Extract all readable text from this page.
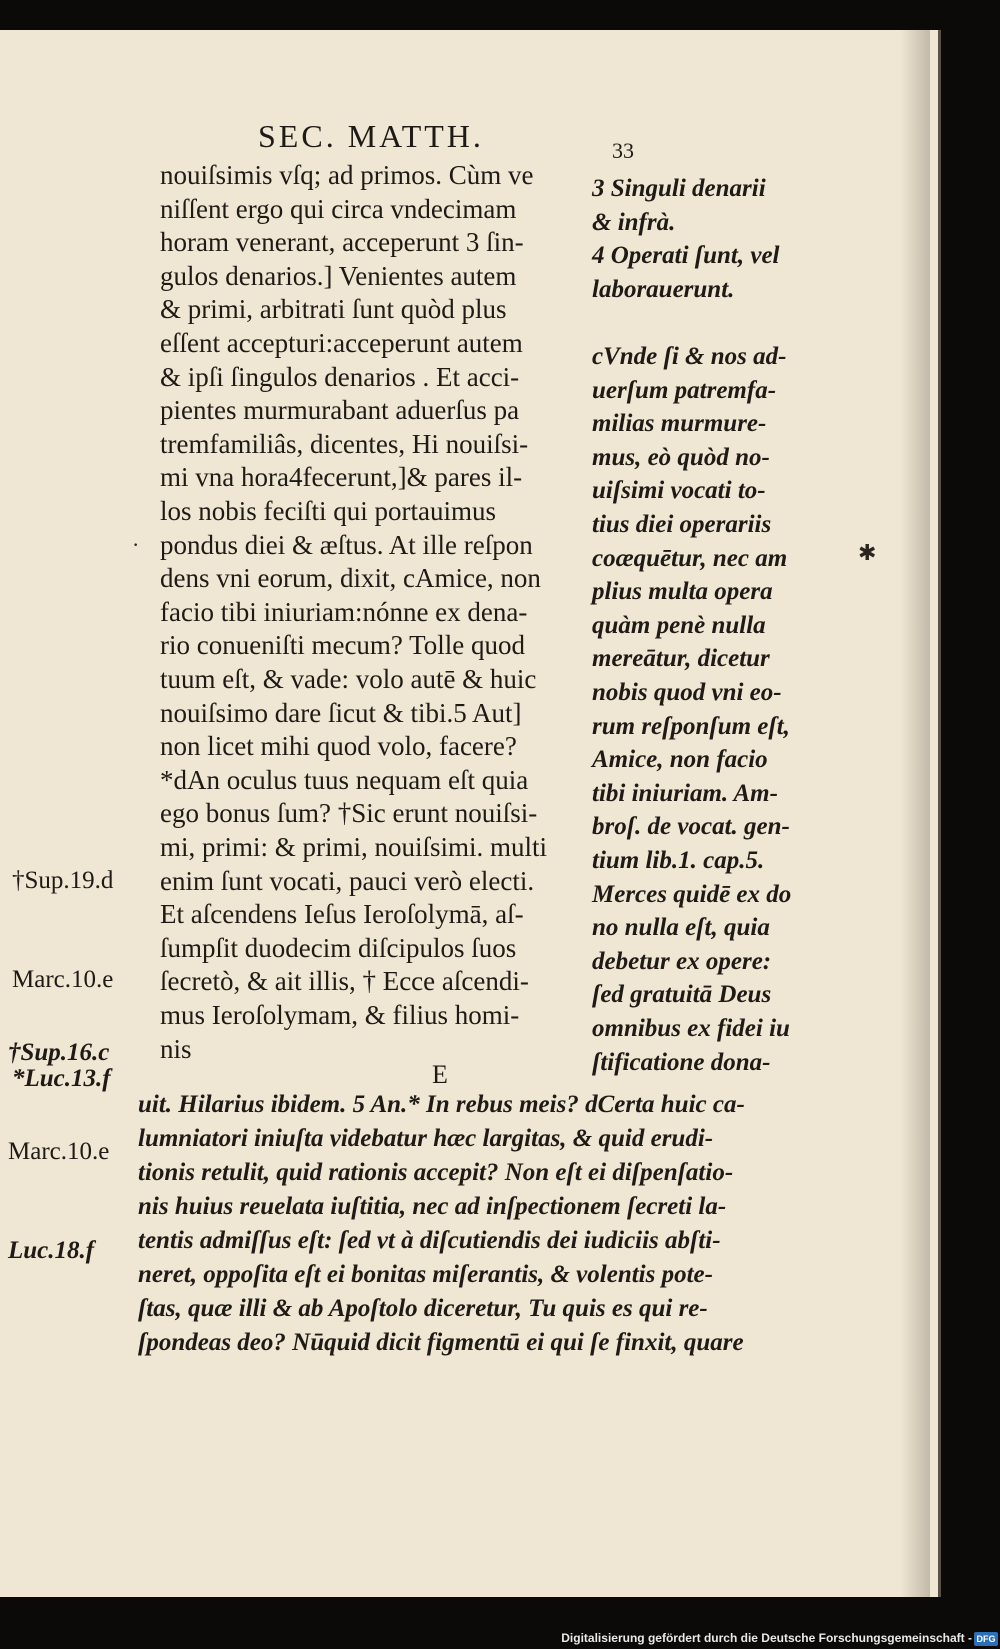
SEC. MATTH.	33
nouiſsimis vſq; ad primos. Cùm ve
niſſent ergo qui circa vndecimam
horam venerant, acceperunt 3 ſin-
gulos denarios.] Venientes autem
& primi, arbitrati ſunt quòd plus
eſſent accepturi:acceperunt autem
& ipſi ſingulos denarios . Et acci-
pientes murmurabant aduerſus pa
tremfamiliâs, dicentes, Hi nouiſsi-
mi vna hora4fecerunt,]& pares il-
los nobis feciſti qui portauimus
pondus diei & æſtus. At ille reſpon
dens vni eorum, dixit, cAmice, non
facio tibi iniuriam:nónne ex dena-
rio conueniſti mecum? Tolle quod
tuum eſt, & vade: volo autē & huic
nouiſsimo dare ſicut & tibi.5 Aut]
non licet mihi quod volo, facere?
*dAn oculus tuus nequam eſt quia
ego bonus ſum? †Sic erunt nouiſsi-
mi, primi: & primi, nouiſsimi. multi
enim ſunt vocati, pauci verò electi.
Et aſcendens Ieſus Ieroſolymā, aſ-
ſumpſit duodecim diſcipulos ſuos
ſecretò, & ait illis, † Ecce aſcendi-
mus Ieroſolymam, & filius homi-
nis
3 Singuli denarii
& infrà.
4 Operati ſunt, vel
laborauerunt.
cVnde ſi & nos ad-
uerſum patremfa-
milias murmure-
mus, eò quòd no-
uiſsimi vocati to-
tius diei operariis
coæquētur, nec am
plius multa opera
quàm penè nulla
mereātur, dicetur
nobis quod vni eo-
rum reſponſum eſt,
Amice, non facio
tibi iniuriam. Am-
broſ. de vocat. gen-
tium lib.1. cap.5.
Merces quidē ex do
no nulla eſt, quia
debetur ex opere:
ſed gratuitā Deus
omnibus ex fidei iu
ſtificatione dona-
E
uit. Hilarius ibidem. 5 An.* In rebus meis? dCerta huic ca-
lumniatori iniuſta videbatur hæc largitas, & quid erudi-
tionis retulit, quid rationis accepit? Non eſt ei diſpenſatio-
nis huius reuelata iuſtitia, nec ad inſpectionem ſecreti la-
tentis admiſſus eſt: ſed vt à diſcutiendis dei iudiciis abſti-
neret, oppoſita eſt ei bonitas miſerantis, & volentis pote-
ſtas, quæ illi & ab Apoſtolo diceretur, Tu quis es qui re-
ſpondeas deo? Nūquid dicit figmentū ei qui ſe finxit, quare

†Sup.19.d

Marc.10.e

*Luc.13.f

†Sup.16.c

Marc.10.e

Luc.18.f

·	✱
Digitalisierung gefördert durch die Deutsche Forschungsgemeinschaft - DFG
